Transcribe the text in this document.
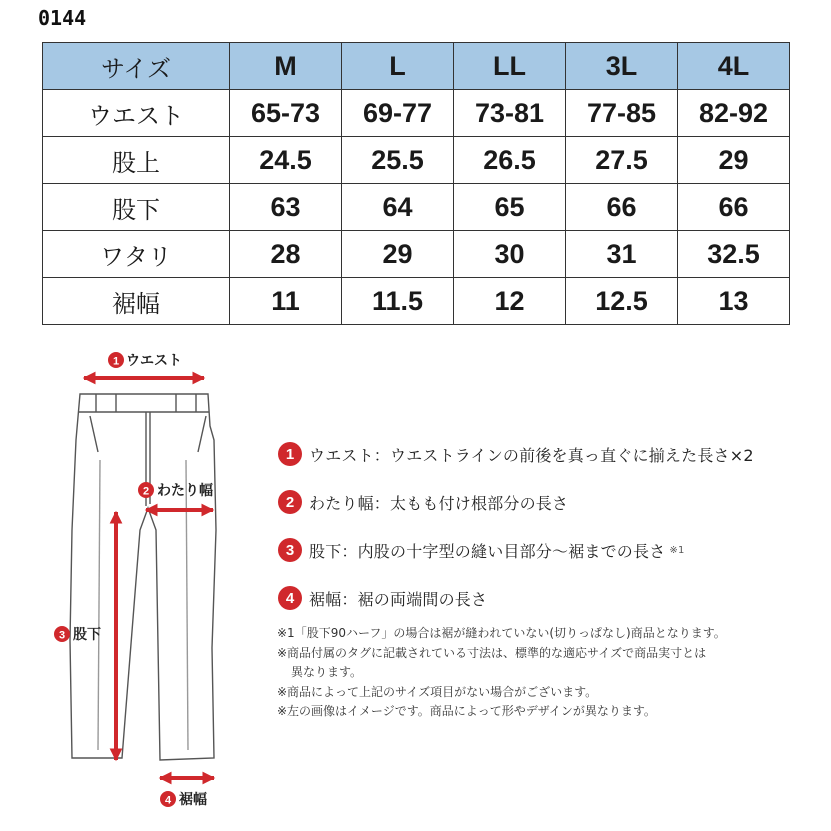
0144
サイズ	M	L	LL	3L	4L
ウエスト	65-73	69-77	73-81	77-85	82-92
股上	24.5	25.5	26.5	27.5	29
股下	63	64	65	66	66
ワタリ	28	29	30	31	32.5
裾幅	11	11.5	12	12.5	13
1 ウエスト
2 わたり幅
3 股下
4 裾幅
1 ウエスト：ウエストラインの前後を真っ直ぐに揃えた長さ×2
2 わたり幅：太もも付け根部分の長さ
3 股下：内股の十字型の縫い目部分〜裾までの長さ ※1
4 裾幅：裾の両端間の長さ

※1「股下90ハーフ」の場合は裾が縫われていない(切りっぱなし)商品となります。

※商品付属のタグに記載されている寸法は、標準的な適応サイズで商品実寸とは

異なります。

※商品によって上記のサイズ項目がない場合がございます。

※左の画像はイメージです。商品によって形やデザインが異なります。
